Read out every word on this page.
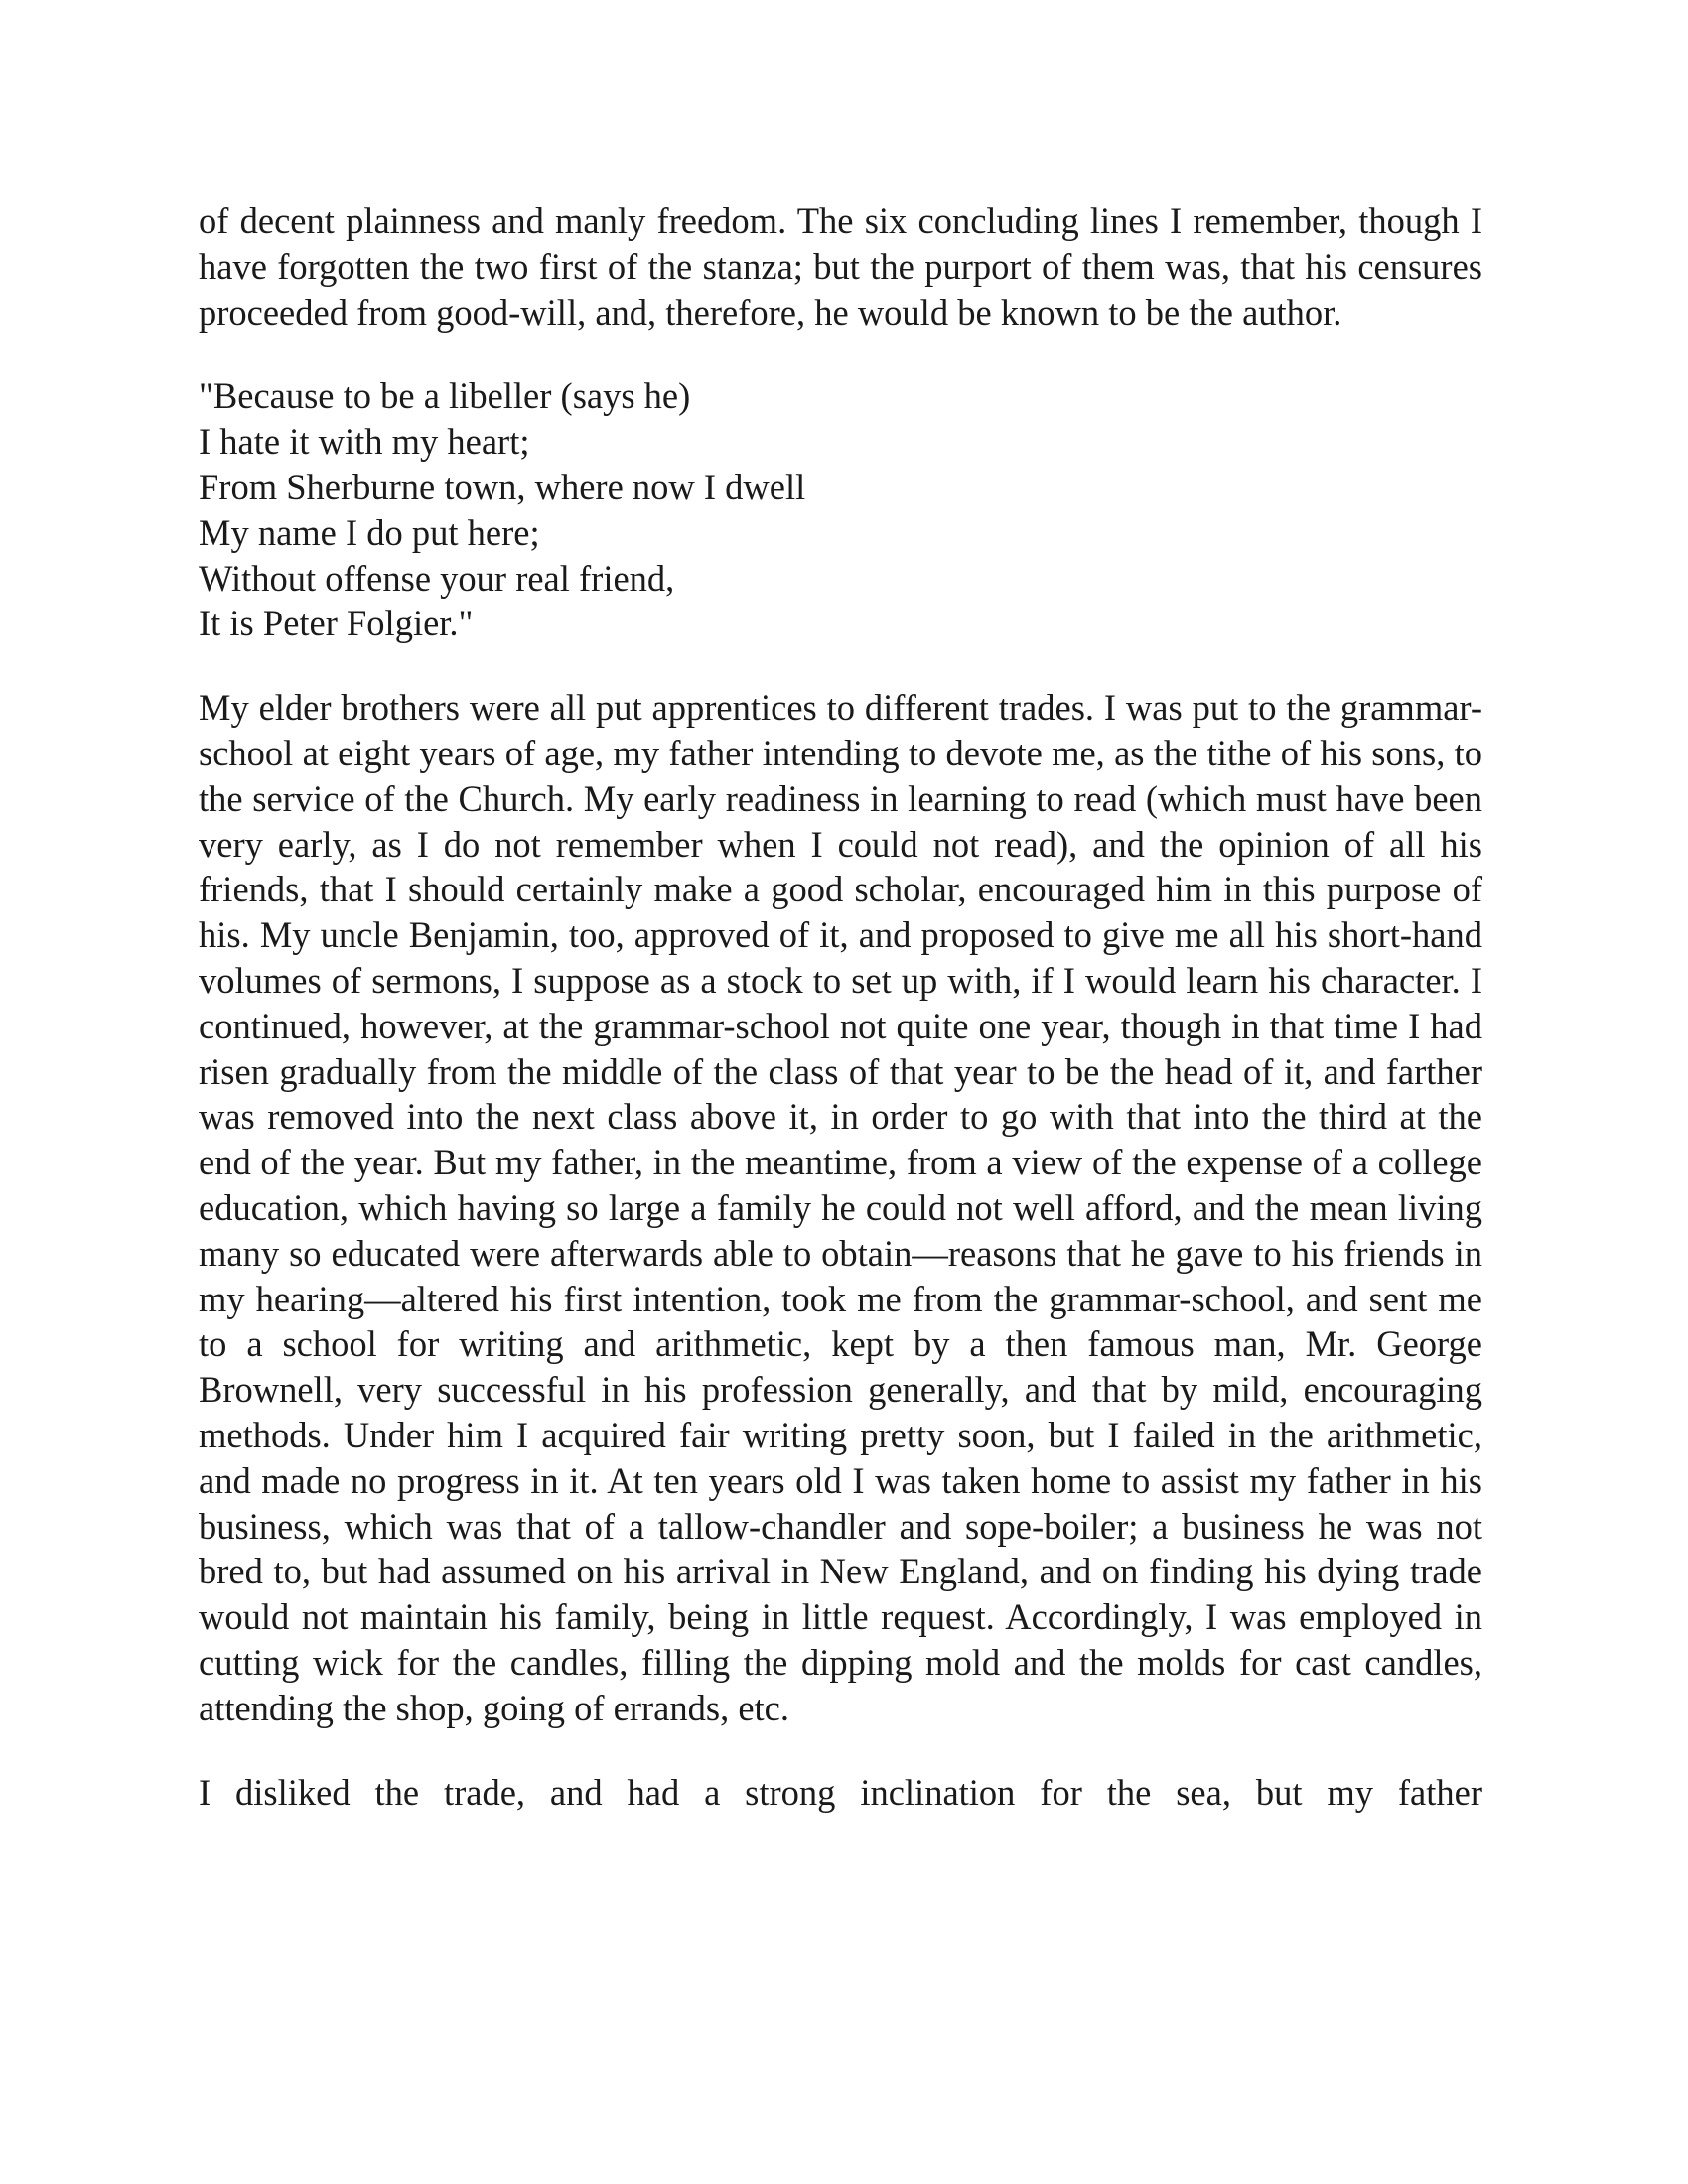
of decent plainness and manly freedom. The six concluding lines I remember, though I have forgotten the two first of the stanza; but the purport of them was, that his censures proceeded from good-will, and, therefore, he would be known to be the author.

"Because to be a libeller (says he)
I hate it with my heart;
From Sherburne town, where now I dwell
My name I do put here;
Without offense your real friend,
It is Peter Folgier."

My elder brothers were all put apprentices to different trades. I was put to the grammar-school at eight years of age, my father intending to devote me, as the tithe of his sons, to the service of the Church. My early readiness in learning to read (which must have been very early, as I do not remember when I could not read), and the opinion of all his friends, that I should certainly make a good scholar, encouraged him in this purpose of his. My uncle Benjamin, too, approved of it, and proposed to give me all his short-hand volumes of sermons, I suppose as a stock to set up with, if I would learn his character. I continued, however, at the grammar-school not quite one year, though in that time I had risen gradually from the middle of the class of that year to be the head of it, and farther was removed into the next class above it, in order to go with that into the third at the end of the year. But my father, in the meantime, from a view of the expense of a college education, which having so large a family he could not well afford, and the mean living many so educated were afterwards able to obtain—reasons that he gave to his friends in my hearing—altered his first intention, took me from the grammar-school, and sent me to a school for writing and arithmetic, kept by a then famous man, Mr. George Brownell, very successful in his profession generally, and that by mild, encouraging methods. Under him I acquired fair writing pretty soon, but I failed in the arithmetic, and made no progress in it. At ten years old I was taken home to assist my father in his business, which was that of a tallow-chandler and sope-boiler; a business he was not bred to, but had assumed on his arrival in New England, and on finding his dying trade would not maintain his family, being in little request. Accordingly, I was employed in cutting wick for the candles, filling the dipping mold and the molds for cast candles, attending the shop, going of errands, etc.

I disliked the trade, and had a strong inclination for the sea, but my father
